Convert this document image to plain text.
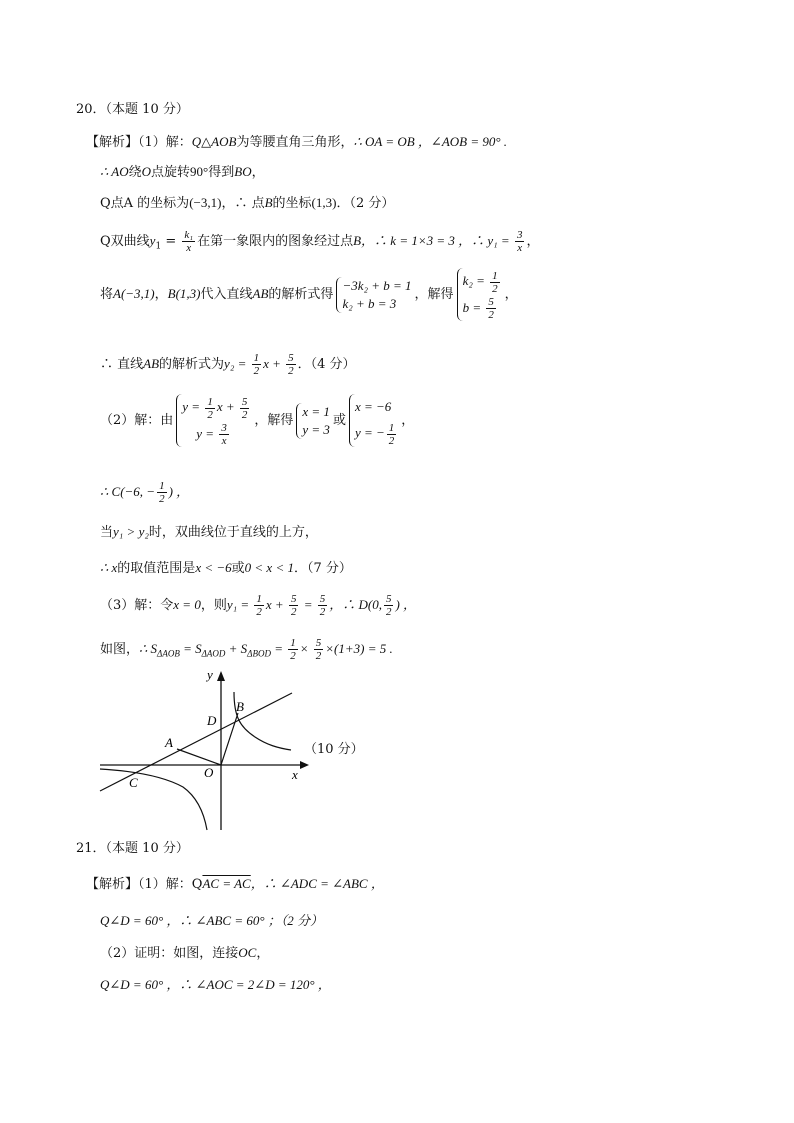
20．（本题 10 分）
【解析】（1）解：Q△AOB为等腰直角三角形，∴ OA = OB ，∠AOB = 90° .
∴ AO绕O点旋转90°得到BO，
Q点A 的坐标为(−3,1)，∴ 点B的坐标(1,3)．（2 分）
Q双曲线$y_1 = \frac{\text{k₁}}{x}$ 在第一象限内的图象经过点B，∴ k = 1×3 = 3 ，∴ $y_1 = \frac{3}{x}$ ，
将A(−3,1)，B(1,3)代入直线AB的解析式得
−3k₂ + b = 1
k₂ + b = 3
，解得
$k_2 = \frac{1}{2}$
$b = \frac{5}{2}$
，
∴ 直线AB的解析式为$y_2 = \frac{1}{2}$ $x + \frac{5}{2}$ ．（4 分）
（2）解：由
$y = \frac{1}{2}$ $x + \frac{5}{2}$
$y = \frac{3}{x}$
，解得
x = 1
y = 3
或
x = −6
y = − $\frac{1}{2}$
，
∴ C(−6, − $\frac{1}{2}$ ) ，
当y₁ > y₂时，双曲线位于直线的上方，
∴ x的取值范围是x < −6或0 < x < 1．（7 分）
（3）解：令x = 0，则$y_1 = \frac{1}{2}$ $x + \frac{5}{2} = \frac{5}{2}$ ，∴ D(0, $\frac{5}{2}$ ) ，
如图，∴ $S_{\Delta AOB} = S_{\Delta AOD} + S_{\Delta BOD} = \frac{1}{2} \times \frac{5}{2} \times(1+3) = 5$ .
y
x
D
B
A
O
C
（10 分）
21．（本题 10 分）
【解析】（1）解：QAC = AC，∴ ∠ADC = ∠ABC ，
Q∠D = 60° ，∴ ∠ABC = 60° ；（2 分）
（2）证明：如图，连接OC，
Q∠D = 60° ，∴ ∠AOC = 2∠D = 120° ，
